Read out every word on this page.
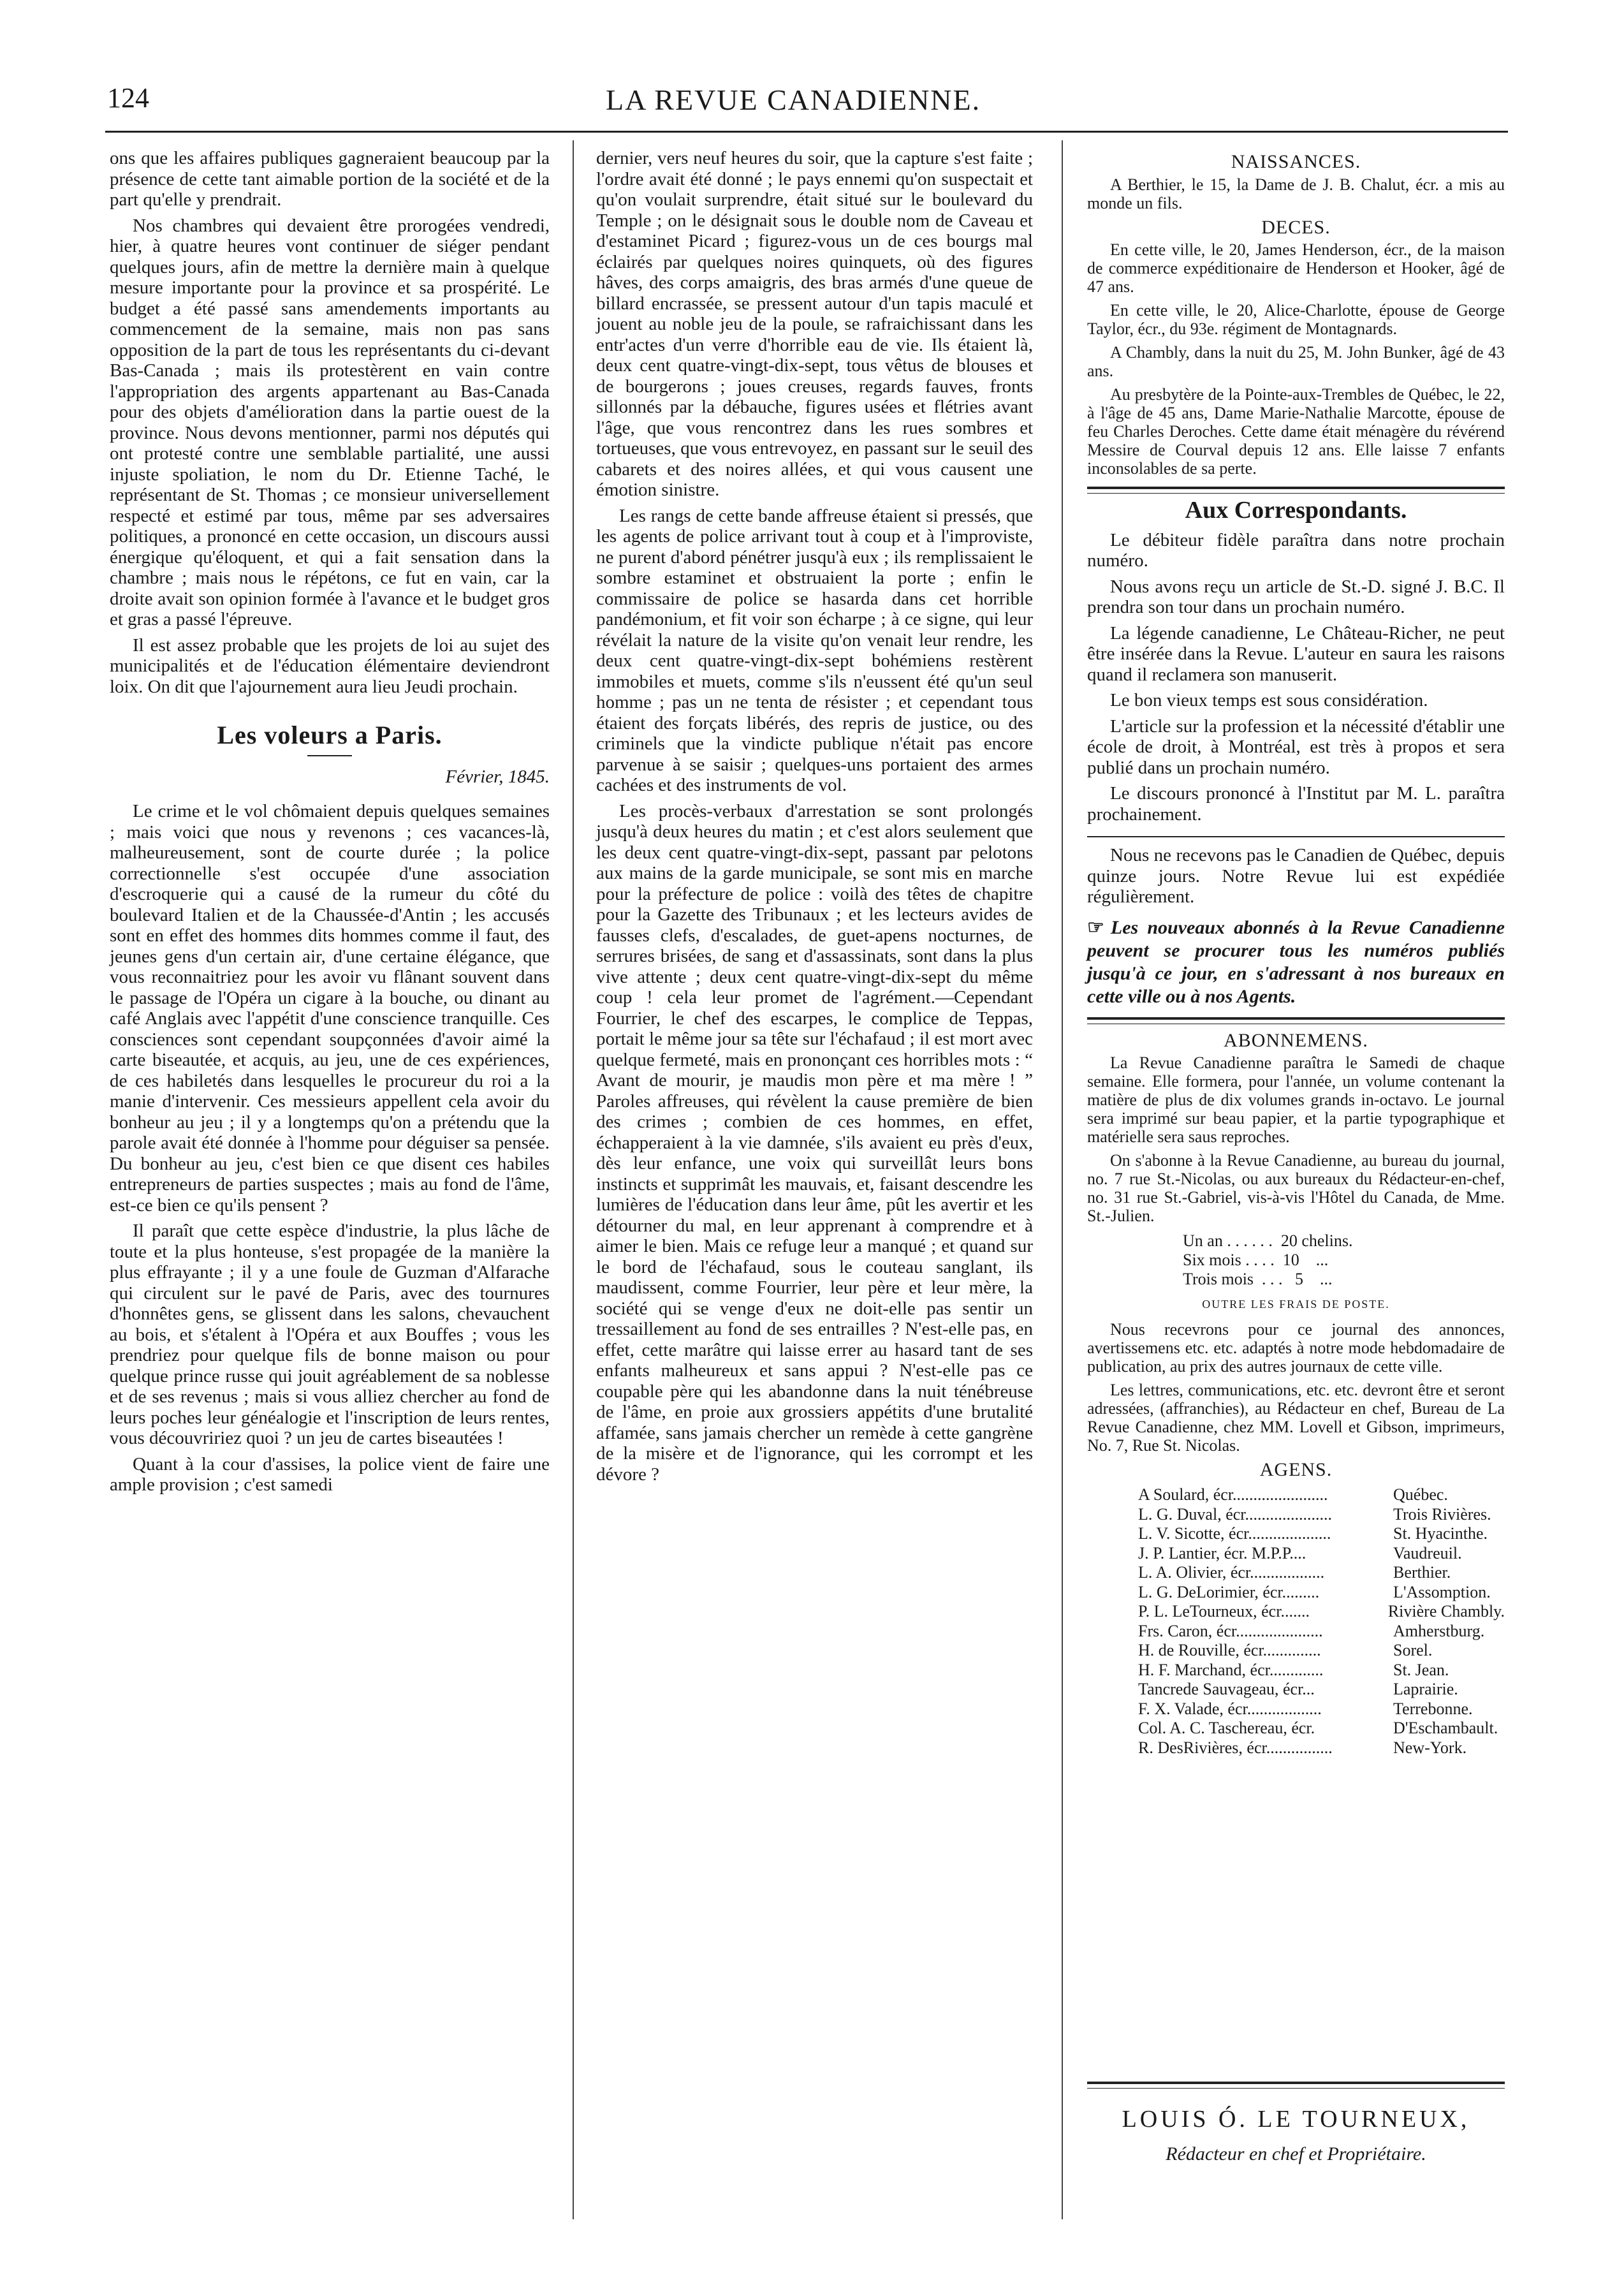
124	LA REVUE CANADIENNE.

ons que les affaires publiques gagneraient beaucoup par la présence de cette tant aimable portion de la société et de la part qu'elle y prendrait.

Nos chambres qui devaient être prorogées vendredi, hier, à quatre heures vont continuer de siéger pendant quelques jours, afin de mettre la dernière main à quelque mesure importante pour la province et sa prospérité. Le budget a été passé sans amendements importants au commencement de la semaine, mais non pas sans opposition de la part de tous les représentants du ci-devant Bas-Canada ; mais ils protestèrent en vain contre l'appropriation des argents appartenant au Bas-Canada pour des objets d'amélioration dans la partie ouest de la province. Nous devons mentionner, parmi nos députés qui ont protesté contre une semblable partialité, une aussi injuste spoliation, le nom du Dr. Etienne Taché, le représentant de St. Thomas ; ce monsieur universellement respecté et estimé par tous, même par ses adversaires politiques, a prononcé en cette occasion, un discours aussi énergique qu'éloquent, et qui a fait sensation dans la chambre ; mais nous le répétons, ce fut en vain, car la droite avait son opinion formée à l'avance et le budget gros et gras a passé l'épreuve.

Il est assez probable que les projets de loi au sujet des municipalités et de l'éducation élémentaire deviendront loix. On dit que l'ajournement aura lieu Jeudi prochain.

Les voleurs a Paris.
Février, 1845.

Le crime et le vol chômaient depuis quelques semaines ; mais voici que nous y revenons ; ces vacances-là, malheureusement, sont de courte durée ; la police correctionnelle s'est occupée d'une association d'escroquerie qui a causé de la rumeur du côté du boulevard Italien et de la Chaussée-d'Antin ; les accusés sont en effet des hommes dits hommes comme il faut, des jeunes gens d'un certain air, d'une certaine élégance, que vous reconnaitriez pour les avoir vu flânant souvent dans le passage de l'Opéra un cigare à la bouche, ou dinant au café Anglais avec l'appétit d'une conscience tranquille. Ces consciences sont cependant soupçonnées d'avoir aimé la carte biseautée, et acquis, au jeu, une de ces expériences, de ces habiletés dans lesquelles le procureur du roi a la manie d'intervenir. Ces messieurs appellent cela avoir du bonheur au jeu ; il y a longtemps qu'on a prétendu que la parole avait été donnée à l'homme pour déguiser sa pensée. Du bonheur au jeu, c'est bien ce que disent ces habiles entrepreneurs de parties suspectes ; mais au fond de l'âme, est-ce bien ce qu'ils pensent ?

Il paraît que cette espèce d'industrie, la plus lâche de toute et la plus honteuse, s'est propagée de la manière la plus effrayante ; il y a une foule de Guzman d'Alfarache qui circulent sur le pavé de Paris, avec des tournures d'honnêtes gens, se glissent dans les salons, chevauchent au bois, et s'étalent à l'Opéra et aux Bouffes ; vous les prendriez pour quelque fils de bonne maison ou pour quelque prince russe qui jouit agréablement de sa noblesse et de ses revenus ; mais si vous alliez chercher au fond de leurs poches leur généalogie et l'inscription de leurs rentes, vous découvririez quoi ? un jeu de cartes biseautées !

Quant à la cour d'assises, la police vient de faire une ample provision ; c'est samedi

dernier, vers neuf heures du soir, que la capture s'est faite ; l'ordre avait été donné ; le pays ennemi qu'on suspectait et qu'on voulait surprendre, était situé sur le boulevard du Temple ; on le désignait sous le double nom de Caveau et d'estaminet Picard ; figurez-vous un de ces bourgs mal éclairés par quelques noires quinquets, où des figures hâves, des corps amaigris, des bras armés d'une queue de billard encrassée, se pressent autour d'un tapis maculé et jouent au noble jeu de la poule, se rafraichissant dans les entr'actes d'un verre d'horrible eau de vie. Ils étaient là, deux cent quatre-vingt-dix-sept, tous vêtus de blouses et de bourgerons ; joues creuses, regards fauves, fronts sillonnés par la débauche, figures usées et flétries avant l'âge, que vous rencontrez dans les rues sombres et tortueuses, que vous entrevoyez, en passant sur le seuil des cabarets et des noires allées, et qui vous causent une émotion sinistre.

Les rangs de cette bande affreuse étaient si pressés, que les agents de police arrivant tout à coup et à l'improviste, ne purent d'abord pénétrer jusqu'à eux ; ils remplissaient le sombre estaminet et obstruaient la porte ; enfin le commissaire de police se hasarda dans cet horrible pandémonium, et fit voir son écharpe ; à ce signe, qui leur révélait la nature de la visite qu'on venait leur rendre, les deux cent quatre-vingt-dix-sept bohémiens restèrent immobiles et muets, comme s'ils n'eussent été qu'un seul homme ; pas un ne tenta de résister ; et cependant tous étaient des forçats libérés, des repris de justice, ou des criminels que la vindicte publique n'était pas encore parvenue à se saisir ; quelques-uns portaient des armes cachées et des instruments de vol.

Les procès-verbaux d'arrestation se sont prolongés jusqu'à deux heures du matin ; et c'est alors seulement que les deux cent quatre-vingt-dix-sept, passant par pelotons aux mains de la garde municipale, se sont mis en marche pour la préfecture de police : voilà des têtes de chapitre pour la Gazette des Tribunaux ; et les lecteurs avides de fausses clefs, d'escalades, de guet-apens nocturnes, de serrures brisées, de sang et d'assassinats, sont dans la plus vive attente ; deux cent quatre-vingt-dix-sept du même coup ! cela leur promet de l'agrément.—Cependant Fourrier, le chef des escarpes, le complice de Teppas, portait le même jour sa tête sur l'échafaud ; il est mort avec quelque fermeté, mais en prononçant ces horribles mots : “ Avant de mourir, je maudis mon père et ma mère ! ” Paroles affreuses, qui révèlent la cause première de bien des crimes ; combien de ces hommes, en effet, échapperaient à la vie damnée, s'ils avaient eu près d'eux, dès leur enfance, une voix qui surveillât leurs bons instincts et supprimât les mauvais, et, faisant descendre les lumières de l'éducation dans leur âme, pût les avertir et les détourner du mal, en leur apprenant à comprendre et à aimer le bien. Mais ce refuge leur a manqué ; et quand sur le bord de l'échafaud, sous le couteau sanglant, ils maudissent, comme Fourrier, leur père et leur mère, la société qui se venge d'eux ne doit-elle pas sentir un tressaillement au fond de ses entrailles ? N'est-elle pas, en effet, cette marâtre qui laisse errer au hasard tant de ses enfants malheureux et sans appui ? N'est-elle pas ce coupable père qui les abandonne dans la nuit ténébreuse de l'âme, en proie aux grossiers appétits d'une brutalité affamée, sans jamais chercher un remède à cette gangrène de la misère et de l'ignorance, qui les corrompt et les dévore ?

NAISSANCES.

A Berthier, le 15, la Dame de J. B. Chalut, écr. a mis au monde un fils.

DECES.

En cette ville, le 20, James Henderson, écr., de la maison de commerce expéditionaire de Henderson et Hooker, âgé de 47 ans.

En cette ville, le 20, Alice-Charlotte, épouse de George Taylor, écr., du 93e. régiment de Montagnards.

A Chambly, dans la nuit du 25, M. John Bunker, âgé de 43 ans.

Au presbytère de la Pointe-aux-Trembles de Québec, le 22, à l'âge de 45 ans, Dame Marie-Nathalie Marcotte, épouse de feu Charles Deroches. Cette dame était ménagère du révérend Messire de Courval depuis 12 ans. Elle laisse 7 enfants inconsolables de sa perte.

Aux Correspondants.

Le débiteur fidèle paraîtra dans notre prochain numéro.

Nous avons reçu un article de St.-D. signé J. B.C. Il prendra son tour dans un prochain numéro.

La légende canadienne, Le Château-Richer, ne peut être insérée dans la Revue. L'auteur en saura les raisons quand il reclamera son manuserit.

Le bon vieux temps est sous considération.

L'article sur la profession et la nécessité d'établir une école de droit, à Montréal, est très à propos et sera publié dans un prochain numéro.

Le discours prononcé à l'Institut par M. L. paraîtra prochainement.

Nous ne recevons pas le Canadien de Québec, depuis quinze jours. Notre Revue lui est expédiée régulièrement.

☞ Les nouveaux abonnés à la Revue Canadienne peuvent se procurer tous les numéros publiés jusqu'à ce jour, en s'adressant à nos bureaux en cette ville ou à nos Agents.
ABONNEMENS.

La Revue Canadienne paraîtra le Samedi de chaque semaine. Elle formera, pour l'année, un volume contenant la matière de plus de dix volumes grands in-octavo. Le journal sera imprimé sur beau papier, et la partie typographique et matérielle sera saus reproches.

On s'abonne à la Revue Canadienne, au bureau du journal, no. 7 rue St.-Nicolas, ou aux bureaux du Rédacteur-en-chef, no. 31 rue St.-Gabriel, vis-à-vis l'Hôtel du Canada, de Mme. St.-Julien.

Un an . . . . . .  20 chelins.
Six mois . . . .  10    ...
Trois mois  . . .   5    ...
OUTRE LES FRAIS DE POSTE.

Nous recevrons pour ce journal des annonces, avertissemens etc. etc. adaptés à notre mode hebdomadaire de publication, au prix des autres journaux de cette ville.

Les lettres, communications, etc. etc. devront être et seront adressées, (affranchies), au Rédacteur en chef, Bureau de La Revue Canadienne, chez MM. Lovell et Gibson, imprimeurs, No. 7, Rue St. Nicolas.

AGENS.
A Soulard, écr.......................	Québec.
L. G. Duval, écr.....................	Trois Rivières.
L. V. Sicotte, écr....................	St. Hyacinthe.
J. P. Lantier, écr. M.P.P....	Vaudreuil.
L. A. Olivier, écr..................	Berthier.
L. G. DeLorimier, écr.........	L'Assomption.
P. L. LeTourneux, écr.......	Rivière Chambly.
Frs. Caron, écr.....................	Amherstburg.
H. de Rouville, écr..............	Sorel.
H. F. Marchand, écr.............	St. Jean.
Tancrede Sauvageau, écr...	Laprairie.
F. X. Valade, écr..................	Terrebonne.
Col. A. C. Taschereau, écr.	D'Eschambault.
R. DesRivières, écr................	New-York.
LOUIS Ó. LE TOURNEUX,
Rédacteur en chef et Propriétaire.
